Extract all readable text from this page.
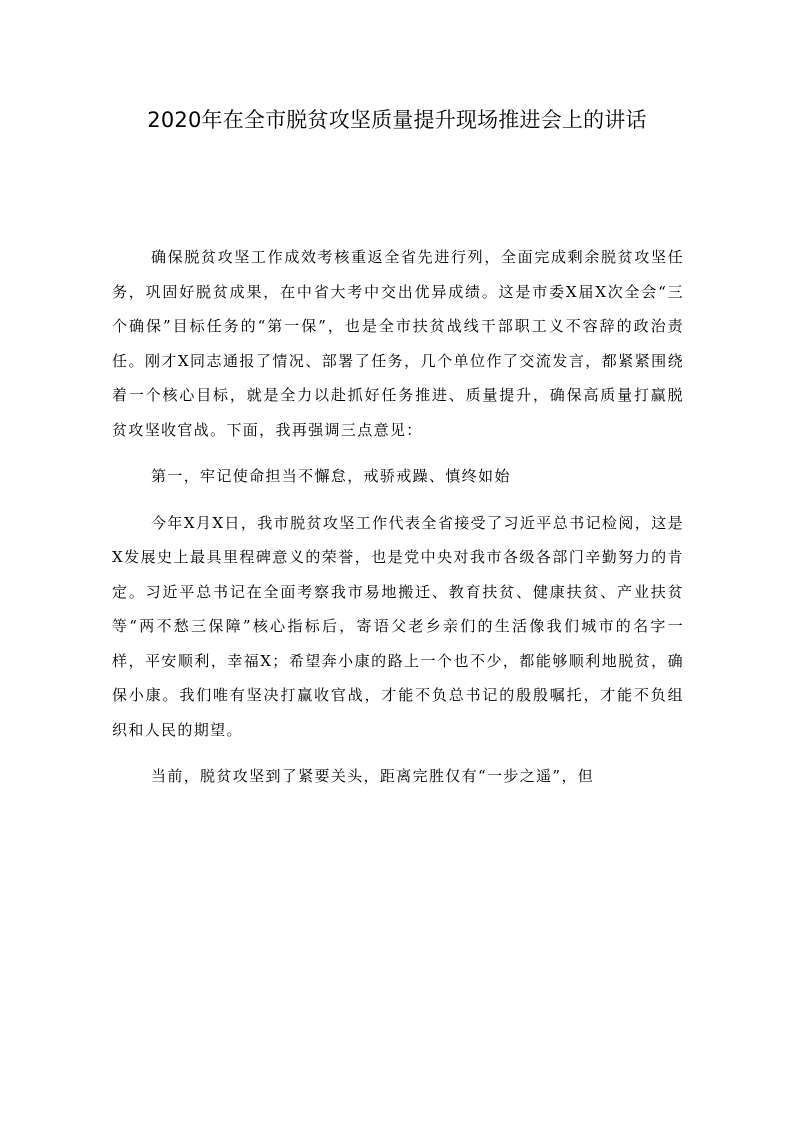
2020年在全市脱贫攻坚质量提升现场推进会上的讲话

确保脱贫攻坚工作成效考核重返全省先进行列，全面完成剩余脱贫攻坚任务，巩固好脱贫成果，在中省大考中交出优异成绩。这是市委X届X次全会“三个确保”目标任务的“第一保”，也是全市扶贫战线干部职工义不容辞的政治责任。刚才X同志通报了情况、部署了任务，几个单位作了交流发言，都紧紧围绕着一个核心目标，就是全力以赴抓好任务推进、质量提升，确保高质量打赢脱贫攻坚收官战。下面，我再强调三点意见：

第一，牢记使命担当不懈怠，戒骄戒躁、慎终如始

今年X月X日，我市脱贫攻坚工作代表全省接受了习近平总书记检阅，这是X发展史上最具里程碑意义的荣誉，也是党中央对我市各级各部门辛勤努力的肯定。习近平总书记在全面考察我市易地搬迁、教育扶贫、健康扶贫、产业扶贫等“两不愁三保障”核心指标后，寄语父老乡亲们的生活像我们城市的名字一样，平安顺利，幸福X；希望奔小康的路上一个也不少，都能够顺利地脱贫，确保小康。我们唯有坚决打赢收官战，才能不负总书记的殷殷嘱托，才能不负组织和人民的期望。

当前，脱贫攻坚到了紧要关头，距离完胜仅有“一步之遥”，但
